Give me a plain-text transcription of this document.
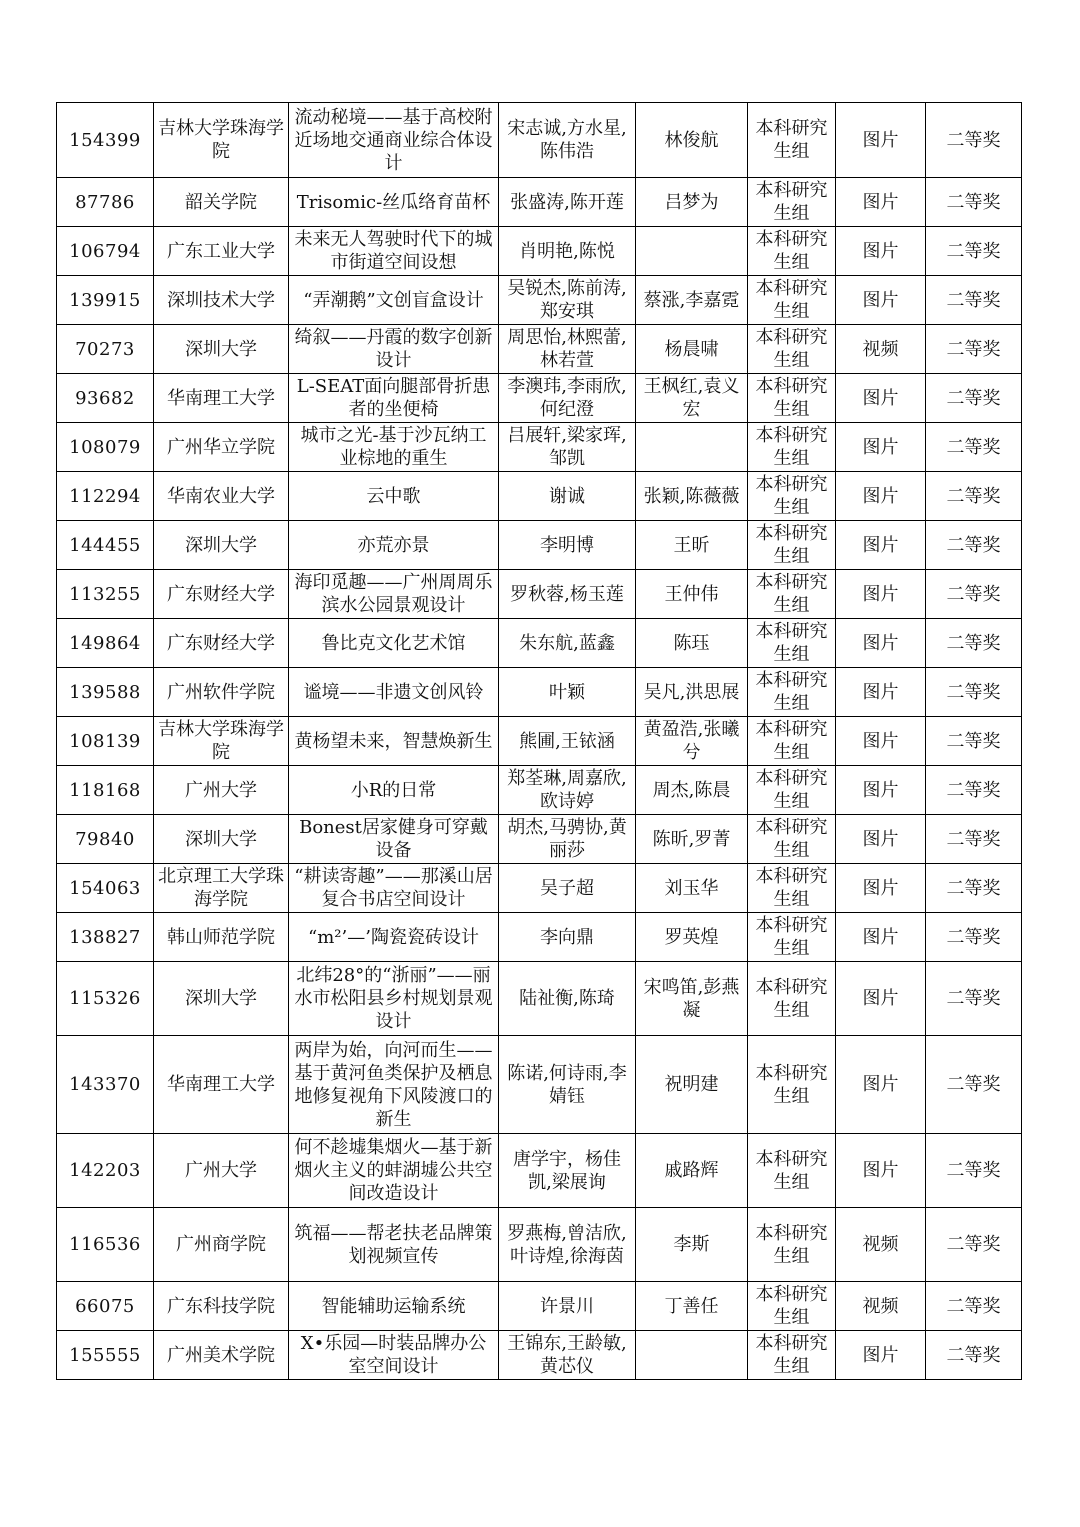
154399	吉林大学珠海学院	流动秘境——基于高校附近场地交通商业综合体设计	宋志诚,方水星,陈伟浩	林俊航	本科研究生组	图片	二等奖
87786	韶关学院	Trisomic-丝瓜络育苗杯	张盛涛,陈开莲	吕梦为	本科研究生组	图片	二等奖
106794	广东工业大学	未来无人驾驶时代下的城市街道空间设想	肖明艳,陈悦		本科研究生组	图片	二等奖
139915	深圳技术大学	“弄潮鹅”文创盲盒设计	吴锐杰,陈前涛,郑安琪	蔡涨,李嘉霓	本科研究生组	图片	二等奖
70273	深圳大学	绮叙——丹霞的数字创新设计	周思怡,林熙蕾,林若萱	杨晨啸	本科研究生组	视频	二等奖
93682	华南理工大学	L-SEAT面向腿部骨折患者的坐便椅	李澳玮,李雨欣,何纪澄	王枫红,袁义宏	本科研究生组	图片	二等奖
108079	广州华立学院	城市之光-基于沙瓦纳工业棕地的重生	吕展轩,梁家珲,邹凯		本科研究生组	图片	二等奖
112294	华南农业大学	云中歌	谢诚	张颖,陈薇薇	本科研究生组	图片	二等奖
144455	深圳大学	亦荒亦景	李明博	王昕	本科研究生组	图片	二等奖
113255	广东财经大学	海印觅趣——广州周周乐滨水公园景观设计	罗秋蓉,杨玉莲	王仲伟	本科研究生组	图片	二等奖
149864	广东财经大学	鲁比克文化艺术馆	朱东航,蓝鑫	陈珏	本科研究生组	图片	二等奖
139588	广州软件学院	谧境——非遗文创风铃	叶颖	吴凡,洪思展	本科研究生组	图片	二等奖
108139	吉林大学珠海学院	黄杨望未来，智慧焕新生	熊圃,王铱涵	黄盈浩,张曦兮	本科研究生组	图片	二等奖
118168	广州大学	小R的日常	郑荃琳,周嘉欣,欧诗婷	周杰,陈晨	本科研究生组	图片	二等奖
79840	深圳大学	Bonest居家健身可穿戴设备	胡杰,马骋协,黄丽莎	陈昕,罗菁	本科研究生组	图片	二等奖
154063	北京理工大学珠海学院	“耕读寄趣”——那溪山居复合书店空间设计	吴子超	刘玉华	本科研究生组	图片	二等奖
138827	韩山师范学院	“m²’—’陶瓷瓷砖设计	李向鼎	罗英煌	本科研究生组	图片	二等奖
115326	深圳大学	北纬28°的“浙丽”——丽水市松阳县乡村规划景观设计	陆祉衡,陈琦	宋鸣笛,彭燕凝	本科研究生组	图片	二等奖
143370	华南理工大学	两岸为始，向河而生——基于黄河鱼类保护及栖息地修复视角下风陵渡口的新生	陈诺,何诗雨,李婧钰	祝明建	本科研究生组	图片	二等奖
142203	广州大学	何不趁墟集烟火—基于新烟火主义的蚌湖墟公共空间改造设计	唐学宇，杨佳凯,梁展询	戚路辉	本科研究生组	图片	二等奖
116536	广州商学院	筑福——帮老扶老品牌策划视频宣传	罗燕梅,曾洁欣,叶诗煌,徐海茵	李斯	本科研究生组	视频	二等奖
66075	广东科技学院	智能辅助运输系统	许景川	丁善任	本科研究生组	视频	二等奖
155555	广州美术学院	X•乐园—时装品牌办公室空间设计	王锦东,王龄敏,黄芯仪		本科研究生组	图片	二等奖
